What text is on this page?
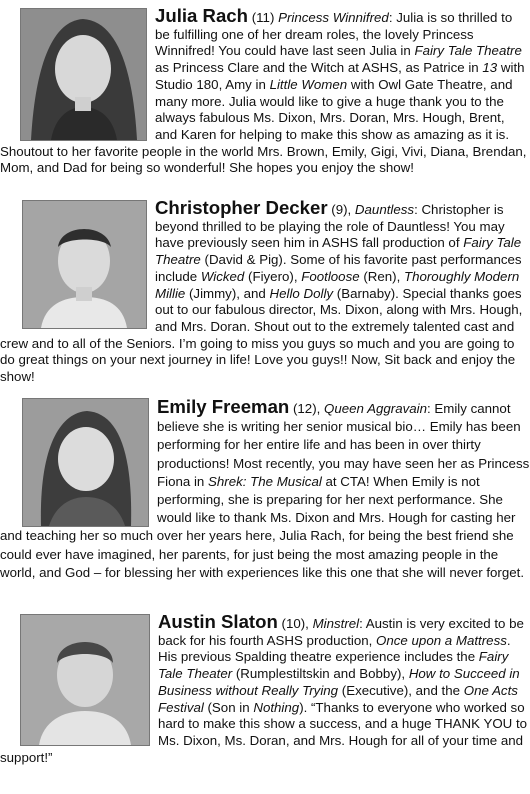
Julia Rach (11) Princess Winnifred: Julia is so thrilled to be fulfilling one of her dream roles, the lovely Princess Winnifred! You could have last seen Julia in Fairy Tale Theatre as Princess Clare and the Witch at ASHS, as Patrice in 13 with Studio 180, Amy in Little Women with Owl Gate Theatre, and many more. Julia would like to give a huge thank you to the always fabulous Ms. Dixon, Mrs. Doran, Mrs. Hough, Brent, and Karen for helping to make this show as amazing as it is. Shoutout to her favorite people in the world Mrs. Brown, Emily, Gigi, Vivi, Diana, Brendan, Mom, and Dad for being so wonderful! She hopes you enjoy the show!

Christopher Decker (9), Dauntless: Christopher is beyond thrilled to be playing the role of Dauntless! You may have previously seen him in ASHS fall production of Fairy Tale Theatre (David & Pig). Some of his favorite past performances include Wicked (Fiyero), Footloose (Ren), Thoroughly Modern Millie (Jimmy), and Hello Dolly (Barnaby). Special thanks goes out to our fabulous director, Ms. Dixon, along with Mrs. Hough, and Mrs. Doran. Shout out to the extremely talented cast and crew and to all of the Seniors. I’m going to miss you guys so much and you are going to do great things on your next journey in life! Love you guys!! Now, Sit back and enjoy the show!

Emily Freeman (12), Queen Aggravain: Emily cannot believe she is writing her senior musical bio… Emily has been performing for her entire life and has been in over thirty productions! Most recently, you may have seen her as Princess Fiona in Shrek: The Musical at CTA! When Emily is not performing, she is preparing for her next performance. She would like to thank Ms. Dixon and Mrs. Hough for casting her and teaching her so much over her years here, Julia Rach, for being the best friend she could ever have imagined, her parents, for just being the most amazing people in the world, and God – for blessing her with experiences like this one that she will never forget.

Austin Slaton (10), Minstrel: Austin is very excited to be back for his fourth ASHS production, Once upon a Mattress. His previous Spalding theatre experience includes the Fairy Tale Theater (Rumplestiltskin and Bobby), How to Succeed in Business without Really Trying (Executive), and the One Acts Festival (Son in Nothing). “Thanks to everyone who worked so hard to make this show a success, and a huge THANK YOU to Ms. Dixon, Ms. Doran, and Mrs. Hough for all of your time and support!”
